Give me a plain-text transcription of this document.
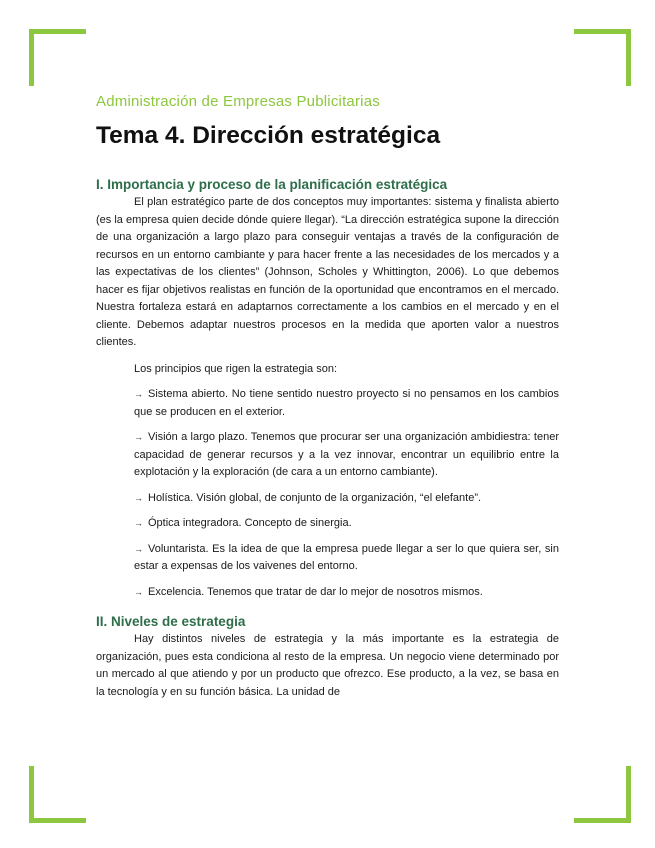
Administración de Empresas Publicitarias
Tema 4. Dirección estratégica
I. Importancia y proceso de la planificación estratégica

El plan estratégico parte de dos conceptos muy importantes: sistema y finalista abierto (es la empresa quien decide dónde quiere llegar). “La dirección estratégica supone la dirección de una organización a largo plazo para conseguir ventajas a través de la configuración de recursos en un entorno cambiante y para hacer frente a las necesidades de los mercados y a las expectativas de los clientes” (Johnson, Scholes y Whittington, 2006). Lo que debemos hacer es fijar objetivos realistas en función de la oportunidad que encontramos en el mercado. Nuestra fortaleza estará en adaptarnos correctamente a los cambios en el mercado y en el cliente. Debemos adaptar nuestros procesos en la medida que aporten valor a nuestros clientes.

Los principios que rigen la estrategia son:

→ Sistema abierto. No tiene sentido nuestro proyecto si no pensamos en los cambios que se producen en el exterior.

→ Visión a largo plazo. Tenemos que procurar ser una organización ambidiestra: tener capacidad de generar recursos y a la vez innovar, encontrar un equilibrio entre la explotación y la exploración (de cara a un entorno cambiante).

→ Holística. Visión global, de conjunto de la organización, “el elefante”.

→ Óptica integradora. Concepto de sinergia.

→ Voluntarista. Es la idea de que la empresa puede llegar a ser lo que quiera ser, sin estar a expensas de los vaivenes del entorno.

→ Excelencia. Tenemos que tratar de dar lo mejor de nosotros mismos.

II. Niveles de estrategia

Hay distintos niveles de estrategia y la más importante es la estrategia de organización, pues esta condiciona al resto de la empresa. Un negocio viene determinado por un mercado al que atiendo y por un producto que ofrezco. Ese producto, a la vez, se basa en la tecnología y en su función básica. La unidad de
